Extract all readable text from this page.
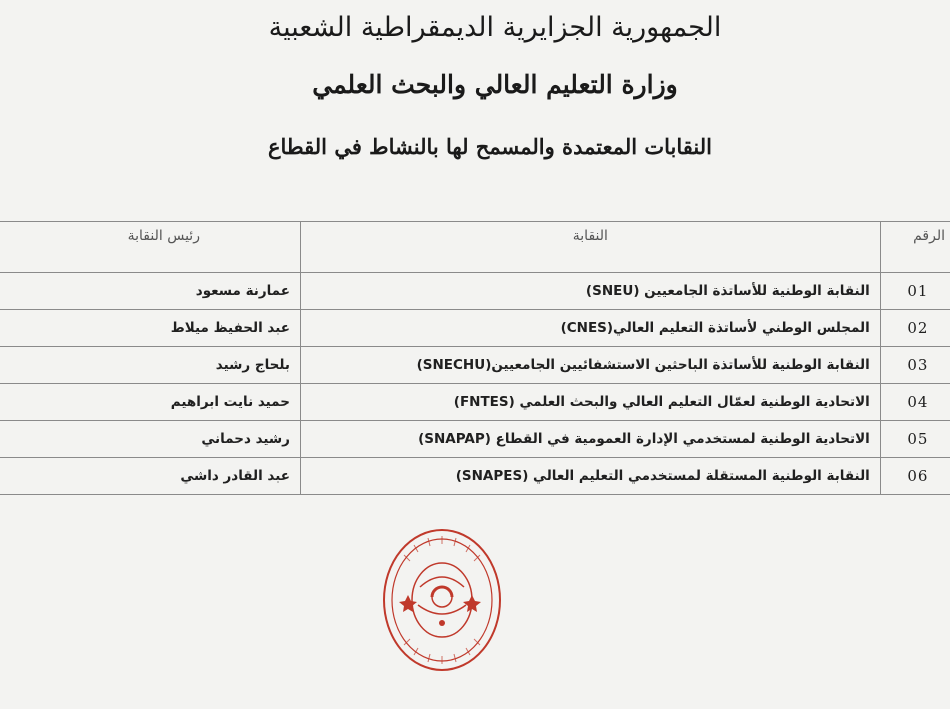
الجمهورية الجزايرية الديمقراطية الشعبية
وزارة التعليم العالي والبحث العلمي
النقابات المعتمدة والمسمح لها بالنشاط في القطاع
الرقم	النقابة	رئيس النقابة
01	النقابة الوطنية للأساتذة الجامعيين (SNEU)	عمارنة مسعود
02	المجلس الوطني لأساتذة التعليم العالي(CNES)	عبد الحفيظ ميلاط
03	النقابة الوطنية للأساتذة الباحثين الاستشفائيين الجامعيين(SNECHU)	بلحاج رشيد
04	الاتحادية الوطنية لعمّال التعليم العالي والبحث العلمي (FNTES)	حميد نايت ابراهيم
05	الاتحادية الوطنية لمستخدمي الإدارة العمومية في القطاع (SNAPAP)	رشيد دحماني
06	النقابة الوطنية المستقلة لمستخدمي التعليم العالي (SNAPES)	عبد القادر داشي
